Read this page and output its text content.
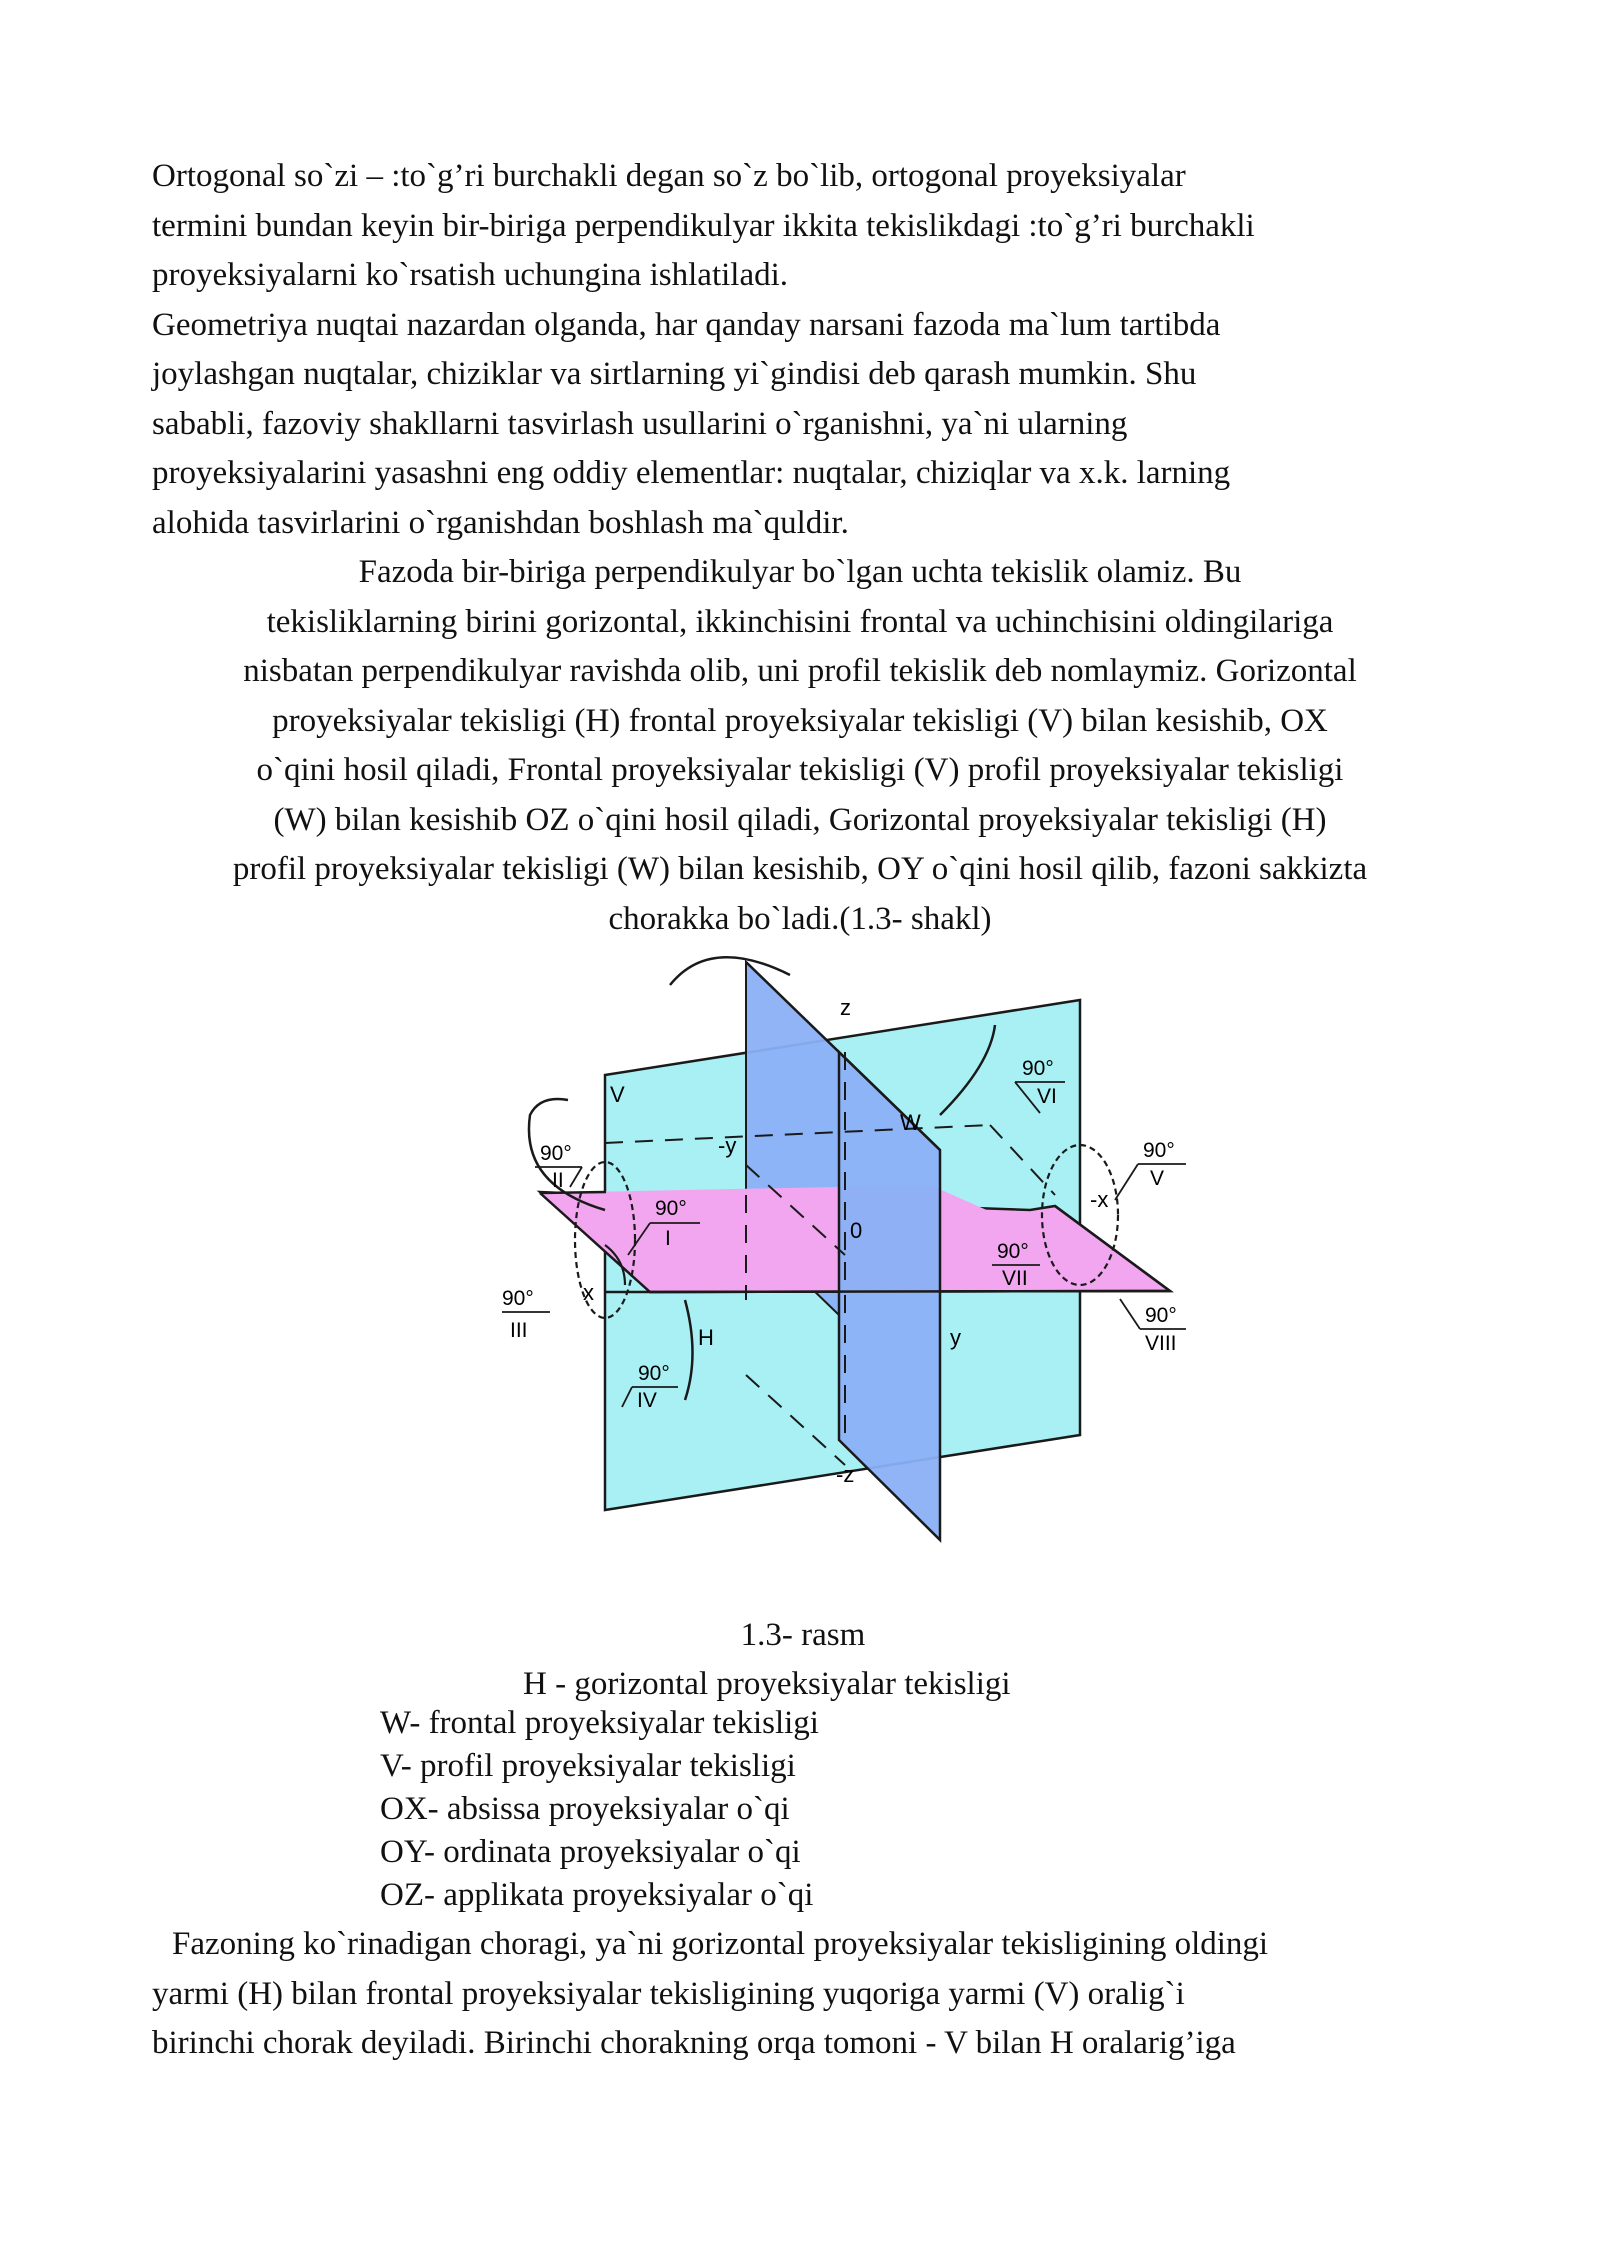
Ortogonal so`zi – :to`g’ri burchakli degan so`z bo`lib, ortogonal proyeksiyalar
termini bundan keyin bir-biriga perpendikulyar ikkita tekislikdagi :to`g’ri burchakli
proyeksiyalarni ko`rsatish uchungina ishlatiladi.
Geometriya nuqtai nazardan olganda, har qanday narsani fazoda ma`lum tartibda
joylashgan nuqtalar, chiziklar va sirtlarning yi`gindisi deb qarash mumkin. Shu
sababli, fazoviy shakllarni tasvirlash usullarini o`rganishni, ya`ni ularning
proyeksiyalarini yasashni eng oddiy elementlar: nuqtalar, chiziqlar va x.k. larning
alohida tasvirlarini o`rganishdan boshlash ma`quldir.
Fazoda bir-biriga perpendikulyar bo`lgan uchta tekislik olamiz. Bu
tekisliklarning birini gorizontal, ikkinchisini frontal va uchinchisini oldingilariga
nisbatan perpendikulyar ravishda olib, uni profil tekislik deb nomlaymiz. Gorizontal
proyeksiyalar tekisligi (H) frontal proyeksiyalar tekisligi (V) bilan kesishib, OX
o`qini hosil qiladi, Frontal proyeksiyalar tekisligi (V) profil proyeksiyalar tekisligi
(W) bilan kesishib OZ o`qini hosil qiladi, Gorizontal proyeksiyalar tekisligi (H)
profil proyeksiyalar tekisligi (W) bilan kesishib, OY o`qini hosil qilib, fazoni sakkizta
chorakka bo`ladi.(1.3- shakl)
V
W
H
z
-z
-y
y
x
-x
0
90°
I
90°
II
90°
III
90°
IV
90°
V
90°
VI
90°
VII
90°
VIII
1.3- rasm
H - gorizontal proyeksiyalar tekisligi
W- frontal proyeksiyalar tekisligi
V- profil proyeksiyalar tekisligi
OX- absissa proyeksiyalar o`qi
OY- ordinata proyeksiyalar o`qi
OZ- applikata proyeksiyalar o`qi
Fazoning ko`rinadigan choragi, ya`ni gorizontal proyeksiyalar tekisligining oldingi
yarmi (H) bilan frontal proyeksiyalar tekisligining yuqoriga yarmi (V) oralig`i
birinchi chorak deyiladi. Birinchi chorakning orqa tomoni - V bilan H oralarig’iga
